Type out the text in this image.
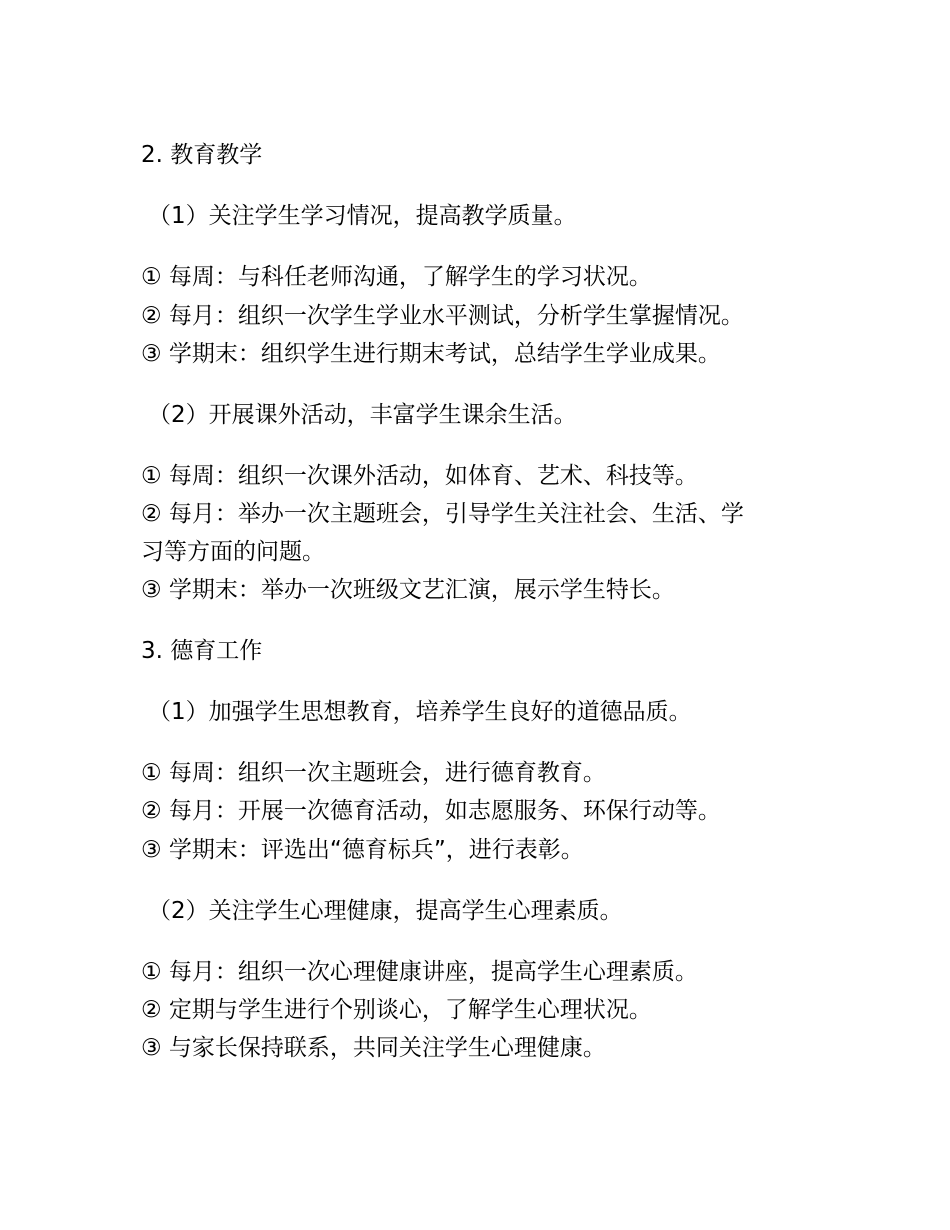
2. 教育教学
（1）关注学生学习情况，提高教学质量。
① 每周：与科任老师沟通，了解学生的学习状况。
② 每月：组织一次学生学业水平测试，分析学生掌握情况。
③ 学期末：组织学生进行期末考试，总结学生学业成果。
（2）开展课外活动，丰富学生课余生活。
① 每周：组织一次课外活动，如体育、艺术、科技等。
② 每月：举办一次主题班会，引导学生关注社会、生活、学
习等方面的问题。
③ 学期末：举办一次班级文艺汇演，展示学生特长。
3. 德育工作
（1）加强学生思想教育，培养学生良好的道德品质。
① 每周：组织一次主题班会，进行德育教育。
② 每月：开展一次德育活动，如志愿服务、环保行动等。
③ 学期末：评选出“德育标兵”，进行表彰。
（2）关注学生心理健康，提高学生心理素质。
① 每月：组织一次心理健康讲座，提高学生心理素质。
② 定期与学生进行个别谈心，了解学生心理状况。
③ 与家长保持联系，共同关注学生心理健康。
